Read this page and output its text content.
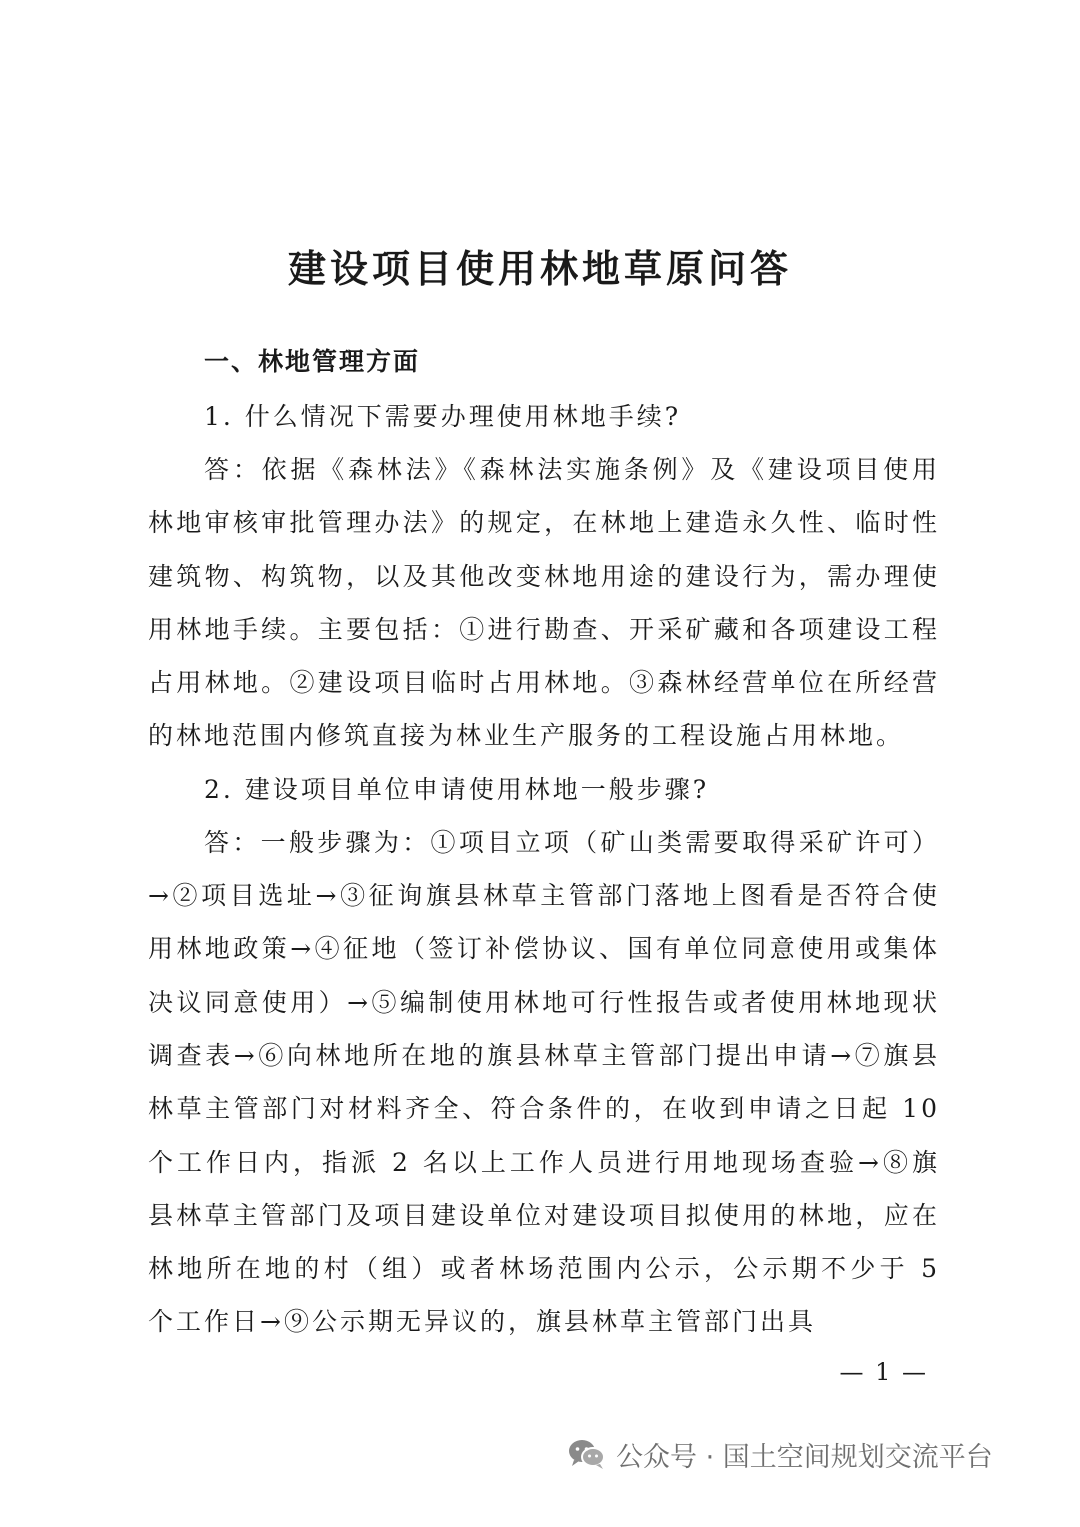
建设项目使用林地草原问答

一、林地管理方面

1. 什么情况下需要办理使用林地手续?

答：依据《森林法》《森林法实施条例》及《建设项目使用林地审核审批管理办法》的规定，在林地上建造永久性、临时性建筑物、构筑物，以及其他改变林地用途的建设行为，需办理使用林地手续。主要包括：①进行勘查、开采矿藏和各项建设工程占用林地。②建设项目临时占用林地。③森林经营单位在所经营的林地范围内修筑直接为林业生产服务的工程设施占用林地。

2. 建设项目单位申请使用林地一般步骤?

答：一般步骤为：①项目立项（矿山类需要取得采矿许可）→②项目选址→③征询旗县林草主管部门落地上图看是否符合使用林地政策→④征地（签订补偿协议、国有单位同意使用或集体决议同意使用）→⑤编制使用林地可行性报告或者使用林地现状调查表→⑥向林地所在地的旗县林草主管部门提出申请→⑦旗县林草主管部门对材料齐全、符合条件的，在收到申请之日起 10 个工作日内，指派 2 名以上工作人员进行用地现场查验→⑧旗县林草主管部门及项目建设单位对建设项目拟使用的林地，应在林地所在地的村（组）或者林场范围内公示，公示期不少于 5 个工作日→⑨公示期无异议的，旗县林草主管部门出具

— 1 —
公众号 · 国土空间规划交流平台
